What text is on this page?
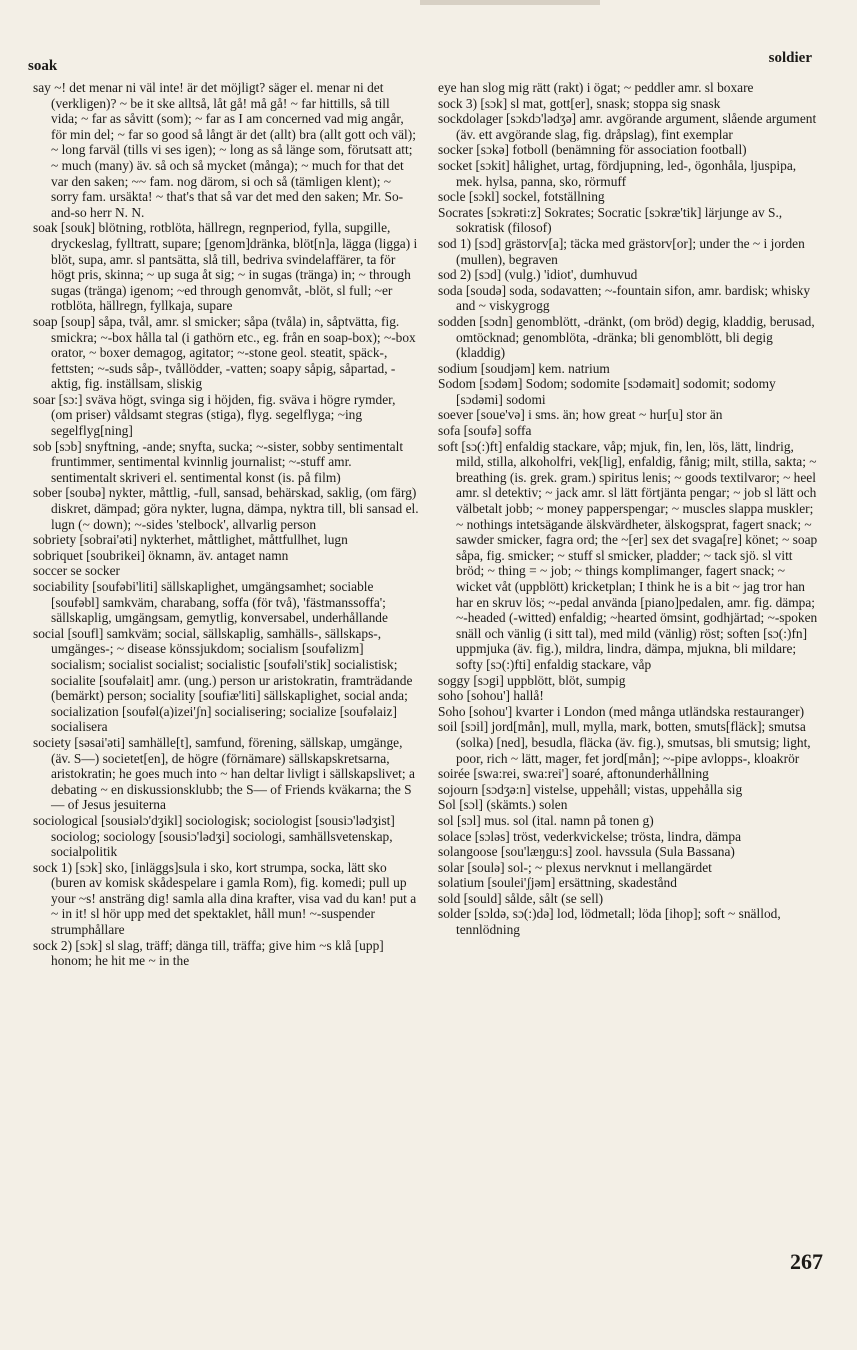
soak	soldier

say ~! det menar ni väl inte! är det möjligt? säger el. menar ni det (verkligen)? ~ be it ske alltså, låt gå! må gå! ~ far hittills, så till vida; ~ far as såvitt (som); ~ far as I am concerned vad mig angår, för min del; ~ far so good så långt är det (allt) bra (allt gott och väl); ~ long farväl (tills vi ses igen); ~ long as så länge som, förutsatt att; ~ much (many) äv. så och så mycket (många); ~ much for that det var den saken; ~~ fam. nog därom, si och så (tämligen klent); ~ sorry fam. ursäkta! ~ that's that så var det med den saken; Mr. So-and-so herr N. N.

soak [souk] blötning, rotblöta, hällregn, regnperiod, fylla, supgille, dryckeslag, fylltratt, supare; [genom]dränka, blöt[n]a, lägga (ligga) i blöt, supa, amr. sl pantsätta, slå till, bedriva svindelaffärer, ta för högt pris, skinna; ~ up suga åt sig; ~ in sugas (tränga) in; ~ through sugas (tränga) igenom; ~ed through genomvåt, -blöt, sl full; ~er rotblöta, hällregn, fyllkaja, supare

soap [soup] såpa, tvål, amr. sl smicker; såpa (tvåla) in, såptvätta, fig. smickra; ~-box hålla tal (i gathörn etc., eg. från en soap-box); ~-box orator, ~ boxer demagog, agitator; ~-stone geol. steatit, späck-, fettsten; ~-suds såp-, tvållödder, -vatten; soapy såpig, såpartad, -aktig, fig. inställsam, sliskig

soar [sɔ:] sväva högt, svinga sig i höjden, fig. sväva i högre rymder, (om priser) våldsamt stegras (stiga), flyg. segelflyga; ~ing segelflyg[ning]

sob [sɔb] snyftning, -ande; snyfta, sucka; ~-sister, sobby sentimentalt fruntimmer, sentimental kvinnlig journalist; ~-stuff amr. sentimentalt skriveri el. sentimental konst (is. på film)

sober [soubə] nykter, måttlig, -full, sansad, behärskad, saklig, (om färg) diskret, dämpad; göra nykter, lugna, dämpa, nyktra till, bli sansad el. lugn (~ down); ~-sides 'stelbock', allvarlig person

sobriety [sobrai'əti] nykterhet, måttlighet, måttfullhet, lugn

sobriquet [soubrikei] öknamn, äv. antaget namn

soccer se socker

sociability [soufəbi'liti] sällskaplighet, umgängsamhet; sociable [soufəbl] samkväm, charabang, soffa (för två), 'fästmanssoffa'; sällskaplig, umgängsam, gemytlig, konversabel, underhållande

social [soufl] samkväm; social, sällskaplig, samhälls-, sällskaps-, umgänges-; ~ disease könssjukdom; socialism [soufəlizm] socialism; socialist socialist; socialistic [soufəli'stik] socialistisk; socialite [soufəlait] amr. (ung.) person ur aristokratin, framträdande (bemärkt) person; sociality [soufiæ'liti] sällskaplighet, social anda; socialization [soufəl(a)izei'ʃn] socialisering; socialize [soufəlaiz] socialisera

society [səsai'əti] samhälle[t], samfund, förening, sällskap, umgänge, (äv. S—) societet[en], de högre (förnämare) sällskapskretsarna, aristokratin; he goes much into ~ han deltar livligt i sällskapslivet; a debating ~ en diskussionsklubb; the S— of Friends kväkarna; the S— of Jesus jesuiterna

sociological [sousiəlɔ'dʒikl] sociologisk; sociologist [sousiɔ'lədʒist] sociolog; sociology [sousiɔ'lədʒi] sociologi, samhällsvetenskap, socialpolitik

sock 1) [sɔk] sko, [inläggs]sula i sko, kort strumpa, socka, lätt sko (buren av komisk skådespelare i gamla Rom), fig. komedi; pull up your ~s! ansträng dig! samla alla dina krafter, visa vad du kan! put a ~ in it! sl hör upp med det spektaklet, håll mun! ~-suspender strumphållare

sock 2) [sɔk] sl slag, träff; dänga till, träffa; give him ~s klå [upp] honom; he hit me ~ in the

eye han slog mig rätt (rakt) i ögat; ~ peddler amr. sl boxare

sock 3) [sɔk] sl mat, gott[er], snask; stoppa sig snask

sockdolager [sɔkdɔ'lədʒə] amr. avgörande argument, slående argument (äv. ett avgörande slag, fig. dråpslag), fint exemplar

socker [sɔkə] fotboll (benämning för association football)

socket [sɔkit] hålighet, urtag, fördjupning, led-, ögonhåla, ljuspipa, mek. hylsa, panna, sko, rörmuff

socle [sɔkl] sockel, fotställning

Socrates [sɔkrəti:z] Sokrates; Socratic [sɔkræ'tik] lärjunge av S., sokratisk (filosof)

sod 1) [sɔd] grästorv[a]; täcka med grästorv[or]; under the ~ i jorden (mullen), begraven

sod 2) [sɔd] (vulg.) 'idiot', dumhuvud

soda [soudə] soda, sodavatten; ~-fountain sifon, amr. bardisk; whisky and ~ viskygrogg

sodden [sɔdn] genomblött, -dränkt, (om bröd) degig, kladdig, berusad, omtöcknad; genomblöta, -dränka; bli genomblött, bli degig (kladdig)

sodium [soudjəm] kem. natrium

Sodom [sɔdəm] Sodom; sodomite [sɔdəmait] sodomit; sodomy [sɔdəmi] sodomi

soever [soue'və] i sms. än; how great ~ hur[u] stor än

sofa [soufə] soffa

soft [sɔ(:)ft] enfaldig stackare, våp; mjuk, fin, len, lös, lätt, lindrig, mild, stilla, alkoholfri, vek[lig], enfaldig, fånig; milt, stilla, sakta; ~ breathing (is. grek. gram.) spiritus lenis; ~ goods textilvaror; ~ heel amr. sl detektiv; ~ jack amr. sl lätt förtjänta pengar; ~ job sl lätt och välbetalt jobb; ~ money papperspengar; ~ muscles slappa muskler; ~ nothings intetsägande älskvärdheter, älskogsprat, fagert snack; ~ sawder smicker, fagra ord; the ~[er] sex det svaga[re] könet; ~ soap såpa, fig. smicker; ~ stuff sl smicker, pladder; ~ tack sjö. sl vitt bröd; ~ thing = ~ job; ~ things komplimanger, fagert snack; ~ wicket våt (uppblött) kricketplan; I think he is a bit ~ jag tror han har en skruv lös; ~-pedal använda [piano]pedalen, amr. fig. dämpa; ~-headed (-witted) enfaldig; ~hearted ömsint, godhjärtad; ~-spoken snäll och vänlig (i sitt tal), med mild (vänlig) röst; soften [sɔ(:)fn] uppmjuka (äv. fig.), mildra, lindra, dämpa, mjukna, bli mildare; softy [sɔ(:)fti] enfaldig stackare, våp

soggy [sɔgi] uppblött, blöt, sumpig

soho [sohou'] hallå!

Soho [sohou'] kvarter i London (med många utländska restauranger)

soil [sɔil] jord[mån], mull, mylla, mark, botten, smuts[fläck]; smutsa (solka) [ned], besudla, fläcka (äv. fig.), smutsas, bli smutsig; light, poor, rich ~ lätt, mager, fet jord[mån]; ~-pipe avlopps-, kloakrör

soirée [swa:rei, swa:rei'] soaré, aftonunderhållning

sojourn [sɔdʒə:n] vistelse, uppehåll; vistas, uppehålla sig

Sol [sɔl] (skämts.) solen

sol [sɔl] mus. sol (ital. namn på tonen g)

solace [sɔləs] tröst, vederkvickelse; trösta, lindra, dämpa

solangoose [sou'læŋgu:s] zool. havssula (Sula Bassana)

solar [soulə] sol-; ~ plexus nervknut i mellangärdet

solatium [soulei'ʃjəm] ersättning, skadestånd

sold [sould] sålde, sålt (se sell)

solder [sɔldə, sɔ(:)də] lod, lödmetall; löda [ihop]; soft ~ snällod, tennlödning

267
